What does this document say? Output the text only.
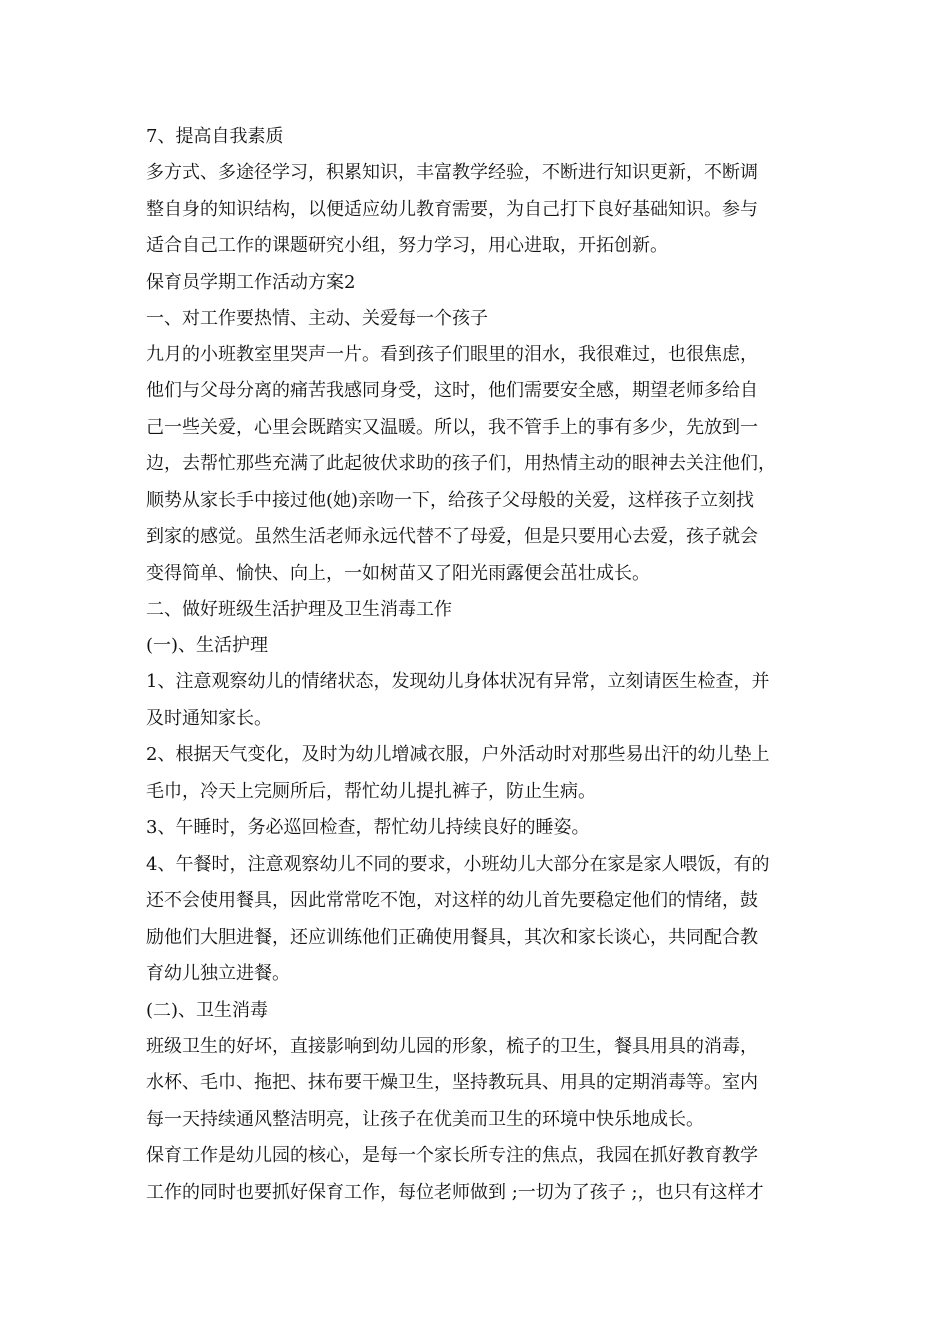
7、提高自我素质
多方式、多途径学习，积累知识，丰富教学经验，不断进行知识更新，不断调
整自身的知识结构，以便适应幼儿教育需要，为自己打下良好基础知识。参与
适合自己工作的课题研究小组，努力学习，用心进取，开拓创新。
保育员学期工作活动方案2
一、对工作要热情、主动、关爱每一个孩子
九月的小班教室里哭声一片。看到孩子们眼里的泪水，我很难过，也很焦虑，
他们与父母分离的痛苦我感同身受，这时，他们需要安全感，期望老师多给自
己一些关爱，心里会既踏实又温暖。所以，我不管手上的事有多少，先放到一
边，去帮忙那些充满了此起彼伏求助的孩子们，用热情主动的眼神去关注他们，
顺势从家长手中接过他(她)亲吻一下，给孩子父母般的关爱，这样孩子立刻找
到家的感觉。虽然生活老师永远代替不了母爱，但是只要用心去爱，孩子就会
变得简单、愉快、向上，一如树苗又了阳光雨露便会茁壮成长。
二、做好班级生活护理及卫生消毒工作
(一)、生活护理
1、注意观察幼儿的情绪状态，发现幼儿身体状况有异常，立刻请医生检查，并
及时通知家长。
2、根据天气变化，及时为幼儿增减衣服，户外活动时对那些易出汗的幼儿垫上
毛巾，冷天上完厕所后，帮忙幼儿提扎裤子，防止生病。
3、午睡时，务必巡回检查，帮忙幼儿持续良好的睡姿。
4、午餐时，注意观察幼儿不同的要求，小班幼儿大部分在家是家人喂饭，有的
还不会使用餐具，因此常常吃不饱，对这样的幼儿首先要稳定他们的情绪，鼓
励他们大胆进餐，还应训练他们正确使用餐具，其次和家长谈心，共同配合教
育幼儿独立进餐。
(二)、卫生消毒
班级卫生的好坏，直接影响到幼儿园的形象，梳子的卫生，餐具用具的消毒，
水杯、毛巾、拖把、抹布要干燥卫生，坚持教玩具、用具的定期消毒等。室内
每一天持续通风整洁明亮，让孩子在优美而卫生的环境中快乐地成长。
保育工作是幼儿园的核心，是每一个家长所专注的焦点，我园在抓好教育教学
工作的同时也要抓好保育工作，每位老师做到 ;一切为了孩子 ;，也只有这样才
